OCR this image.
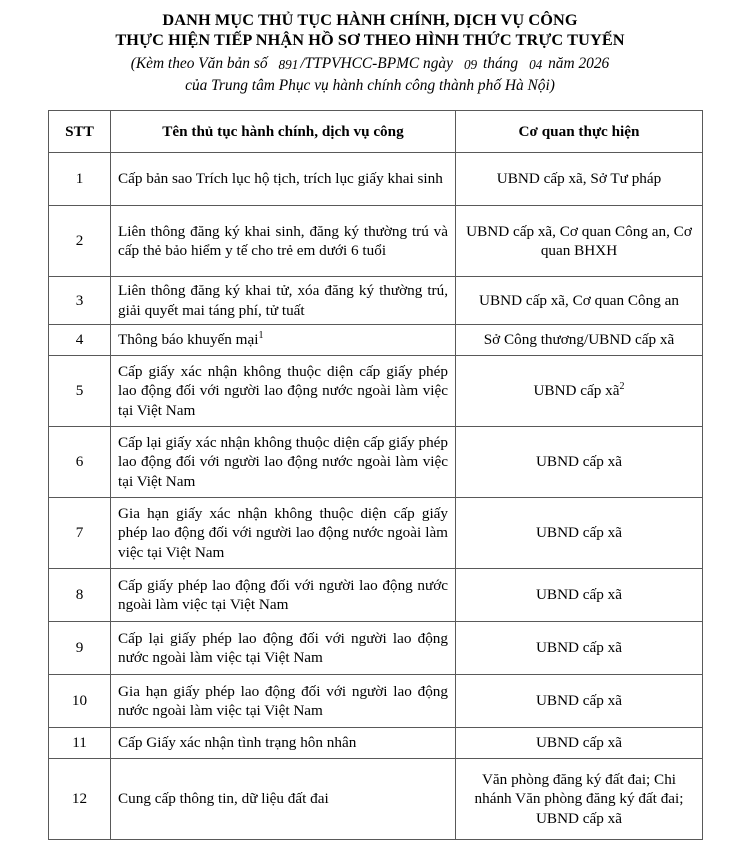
DANH MỤC THỦ TỤC HÀNH CHÍNH, DỊCH VỤ CÔNG
THỰC HIỆN TIẾP NHẬN HỒ SƠ THEO HÌNH THỨC TRỰC TUYẾN
(Kèm theo Văn bản số 891 /TTPVHCC-BPMC ngày 09 tháng 04 năm 2026
của Trung tâm Phục vụ hành chính công thành phố Hà Nội)
STT	Tên thủ tục hành chính, dịch vụ công	Cơ quan thực hiện
1	Cấp bản sao Trích lục hộ tịch, trích lục giấy khai sinh	UBND cấp xã, Sở Tư pháp
2	Liên thông đăng ký khai sinh, đăng ký thường trú và cấp thẻ bảo hiểm y tế cho trẻ em dưới 6 tuổi	UBND cấp xã, Cơ quan Công an, Cơ quan BHXH
3	Liên thông đăng ký khai tử, xóa đăng ký thường trú, giải quyết mai táng phí, tử tuất	UBND cấp xã, Cơ quan Công an
4	Thông báo khuyến mại$^1$	Sở Công thương/UBND cấp xã
5	Cấp giấy xác nhận không thuộc diện cấp giấy phép lao động đối với người lao động nước ngoài làm việc tại Việt Nam	UBND cấp $xã^2$
6	Cấp lại giấy xác nhận không thuộc diện cấp giấy phép lao động đối với người lao động nước ngoài làm việc tại Việt Nam	UBND cấp xã
7	Gia hạn giấy xác nhận không thuộc diện cấp giấy phép lao động đối với người lao động nước ngoài làm việc tại Việt Nam	UBND cấp xã
8	Cấp giấy phép lao động đối với người lao động nước ngoài làm việc tại Việt Nam	UBND cấp xã
9	Cấp lại giấy phép lao động đối với người lao động nước ngoài làm việc tại Việt Nam	UBND cấp xã
10	Gia hạn giấy phép lao động đối với người lao động nước ngoài làm việc tại Việt Nam	UBND cấp xã
11	Cấp Giấy xác nhận tình trạng hôn nhân	UBND cấp xã
12	Cung cấp thông tin, dữ liệu đất đai	Văn phòng đăng ký đất đai; Chi nhánh Văn phòng đăng ký đất đai; UBND cấp xã
